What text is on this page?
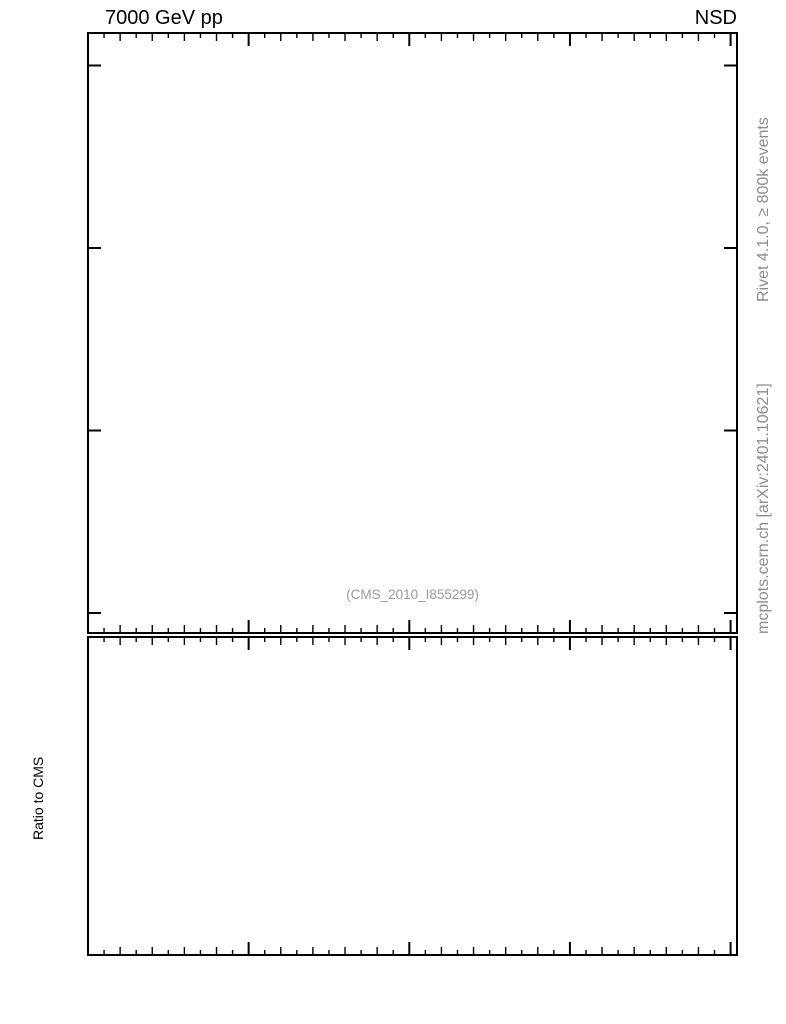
7000 GeV pp	NSD
Ratio to CMS
Rivet 4.1.0, ≥ 800k events
mcplots.cern.ch [arXiv:2401.10621]
(CMS_2010_I855299)
